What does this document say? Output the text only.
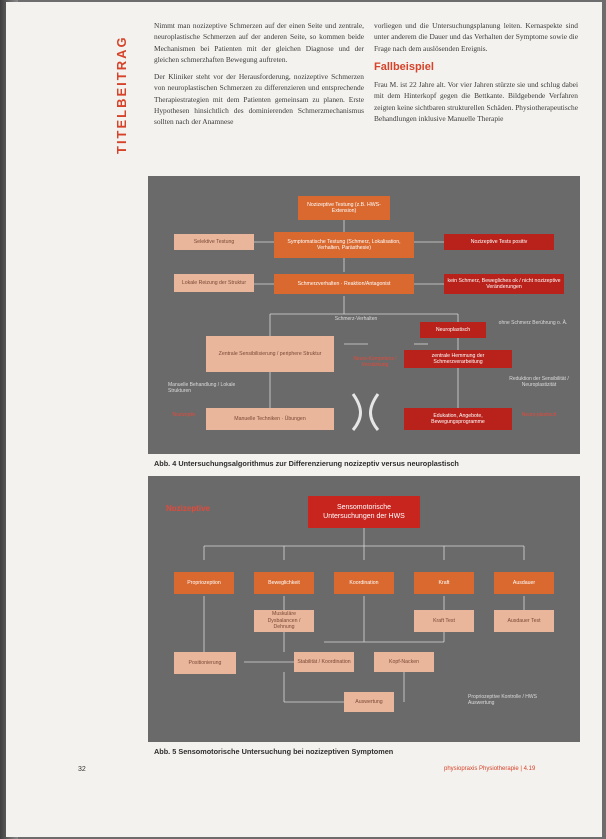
TITELBEITRAG

Nimmt man nozizeptive Schmerzen auf der einen Seite und zentrale, neuroplastische Schmerzen auf der anderen Seite, so kommen beide Mechanismen bei Patienten mit der gleichen Diagnose und der gleichen schmerzhaften Bewegung auftreten.

Der Kliniker steht vor der Herausforderung, nozizeptive Schmerzen von neuroplastischen Schmerzen zu differenzieren und entsprechende Therapiestrategien mit dem Patienten gemeinsam zu planen. Erste Hypothesen hinsichtlich des dominierenden Schmerzmechanismus sollten nach der Anamnese

vorliegen und die Untersuchungsplanung leiten. Kernaspekte sind unter anderem die Dauer und das Verhalten der Symptome sowie die Frage nach dem auslösenden Ereignis.

Fallbeispiel

Frau M. ist 22 Jahre alt. Vor vier Jahren stürzte sie und schlug dabei mit dem Hinterkopf gegen die Bettkante. Bildgebende Verfahren zeigten keine sichtbaren strukturellen Schäden. Physiotherapeutische Behandlungen inklusive Manuelle Therapie

Nozizeptive Testung (z.B. HWS-Extension)
Selektive Testung	Symptomatische Testung (Schmerz, Lokalisation, Verhalten, Parästhesie)
Nozizeptive Tests positiv
Lokale Reizung der Struktur	Schmerzverhalten · Reaktion/Antagonist
kein Schmerz, Bewegliches ok / nicht nozizeptive Veränderungen
Schmerz-Verhalten
Neuroplastisch
ohne Schmerz Berührung o. Ä.
Zentrale Sensibilisierung / periphere Struktur
Neuro-Kompetenz / Verstärkung
zentrale Hemmung der Schmerzverarbeitung
Manuelle Behandlung / Lokale Strukturen
Reduktion der Sensibilität / Neuroplastizität
Nozizeptiv
Manuelle Techniken · Übungen
Edukation, Angebote, Bewegungsprogramme
Neuro-plastisch
Abb. 4 Untersuchungsalgorithmus zur Differenzierung nozizeptiv versus neuroplastisch
Nozizeptive	Sensomotorische Untersuchungen der HWS
Propriozeption	Beweglichkeit	Koordination	Kraft	Ausdauer
Muskuläre Dysbalancen / Dehnung
Kraft Test	Ausdauer Test
Positionierung	Stabilität / Koordination	Kopf-Nacken
Auswertung
Propriozeptive Kontrolle / HWS Auswertung
Abb. 5 Sensomotorische Untersuchung bei nozizeptiven Symptomen
32	physiopraxis Physiotherapie | 4.19
